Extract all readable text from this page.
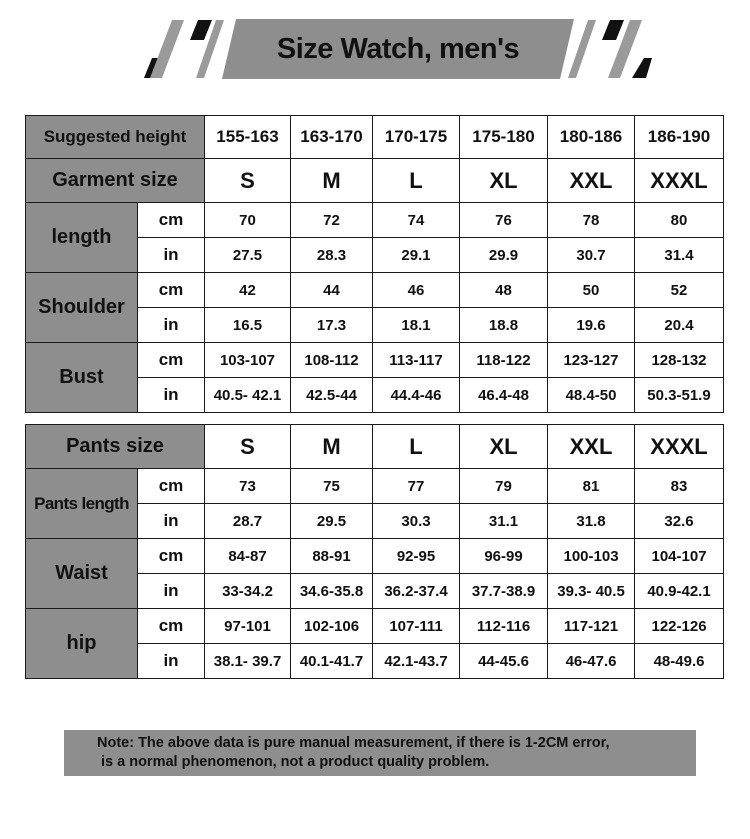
Size Watch, men's
Suggested height		155-163	163-170	170-175	175-180	180-186	186-190
Garment size		S	M	L	XL	XXL	XXXL
length	cm	70	72	74	76	78	80
	in	27.5	28.3	29.1	29.9	30.7	31.4
Shoulder	cm	42	44	46	48	50	52
	in	16.5	17.3	18.1	18.8	19.6	20.4
Bust	cm	103-107	108-112	113-117	118-122	123-127	128-132
	in	40.5- 42.1	42.5-44	44.4-46	46.4-48	48.4-50	50.3-51.9
Pants size		S	M	L	XL	XXL	XXXL
Pants length	cm	73	75	77	79	81	83
	in	28.7	29.5	30.3	31.1	31.8	32.6
Waist	cm	84-87	88-91	92-95	96-99	100-103	104-107
	in	33-34.2	34.6-35.8	36.2-37.4	37.7-38.9	39.3- 40.5	40.9-42.1
hip	cm	97-101	102-106	107-111	112-116	117-121	122-126
	in	38.1- 39.7	40.1-41.7	42.1-43.7	44-45.6	46-47.6	48-49.6

Note: The above data is pure manual measurement, if there is 1-2CM error,

is a normal phenomenon, not a product quality problem.
